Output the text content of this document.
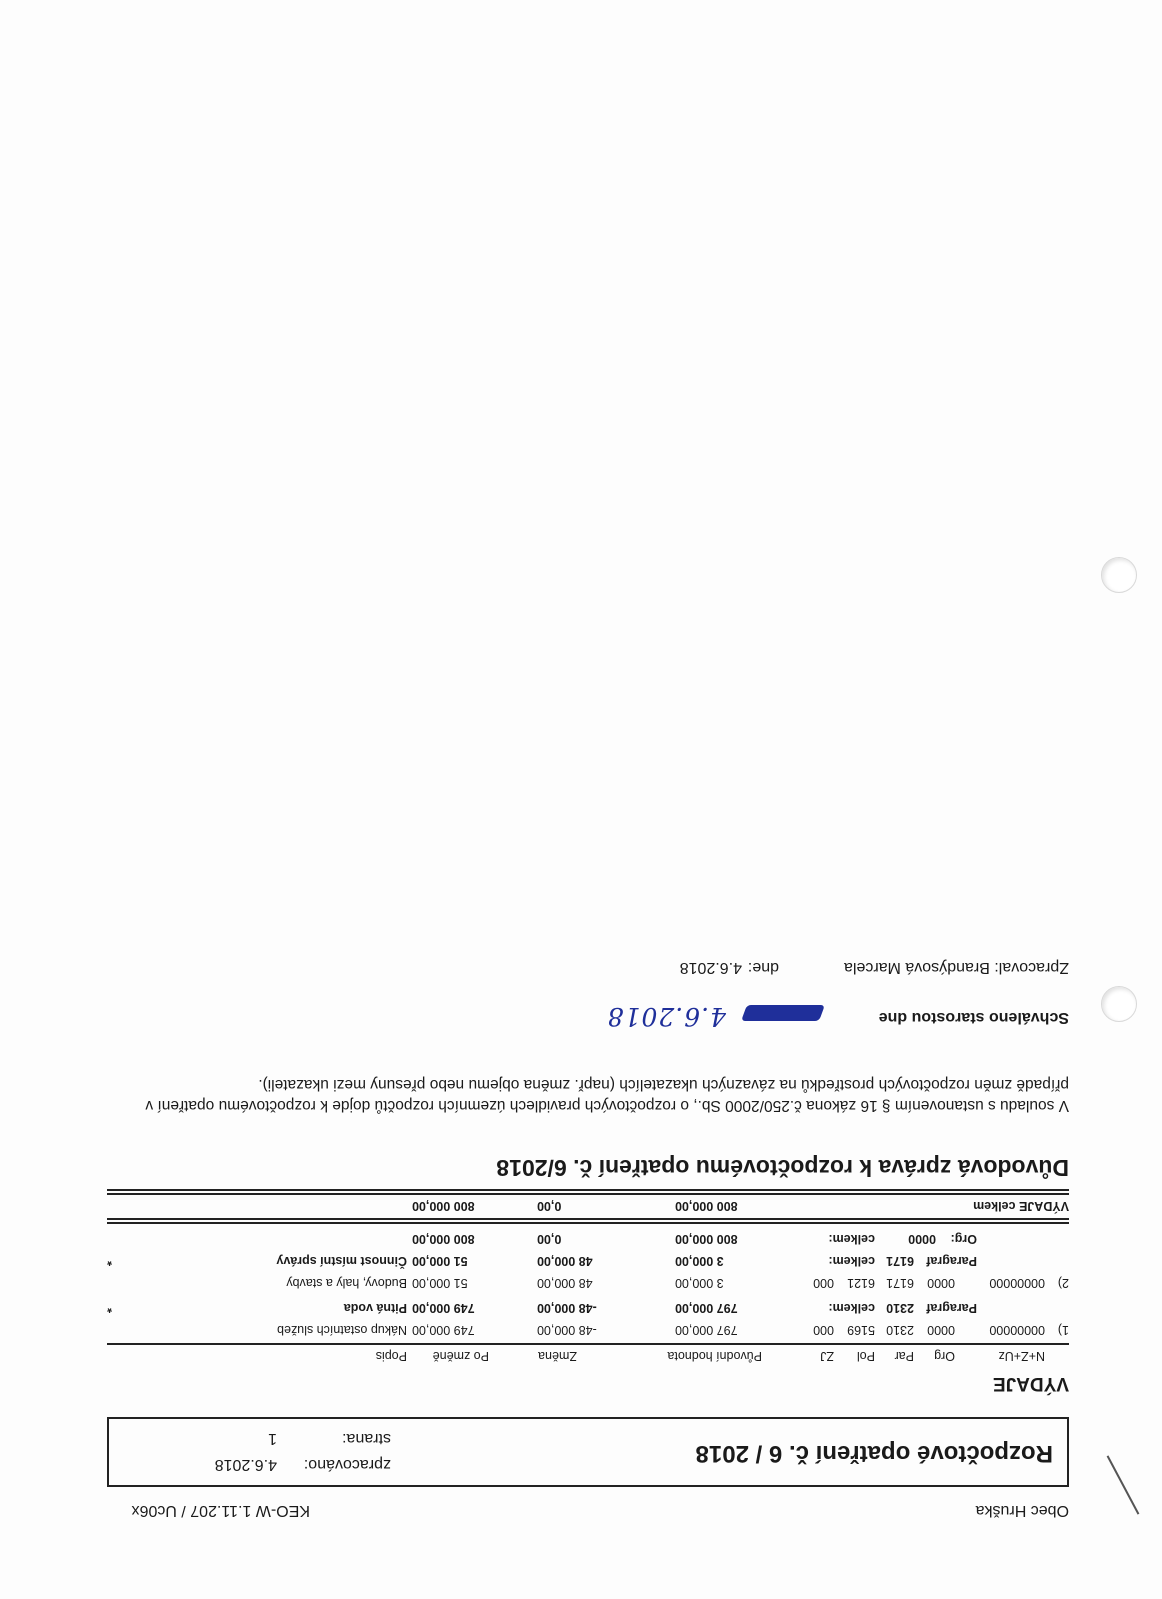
Obec Hruška
KEO-W 1.11.207 / Uc06x
Rozpočtové opatření č. 6 / 2018
zpracováno:
4.6.2018
strana:
1
VÝDAJE
N+Z+Uz
Org
Par
Pol
ZJ
Původní hodnota
Změna
Po změně
Popis
1)
00000000
0000
2310
5169
000
797 000,00
-48 000,00
749 000,00
Nákup ostatních služeb
Paragraf
2310
celkem:
797 000,00
-48 000,00
749 000,00
Pitná voda
*
2)
00000000
0000
6171
6121
000
3 000,00
48 000,00
51 000,00
Budovy, haly a stavby
Paragraf
6171
celkem:
3 000,00
48 000,00
51 000,00
Činnost místní správy
*
Org:
0000
celkem:
800 000,00
0,00
800 000,00
VÝDAJE celkem
800 000,00
0,00
800 000,00
Důvodová zpráva k rozpočtovému opatření č. 6/2018
V souladu s ustanovením § 16 zákona č.250/2000 Sb., o rozpočtových pravidlech územních rozpočtů dojde k rozpočtovému opatření v případě změn rozpočtových prostředků na závazných ukazatelích (např. změna objemu nebo přesuny mezi ukazateli).
Schváleno starostou dne
4.6.2018
Zpracoval: Brandýsová Marcela
dne:
4.6.2018
